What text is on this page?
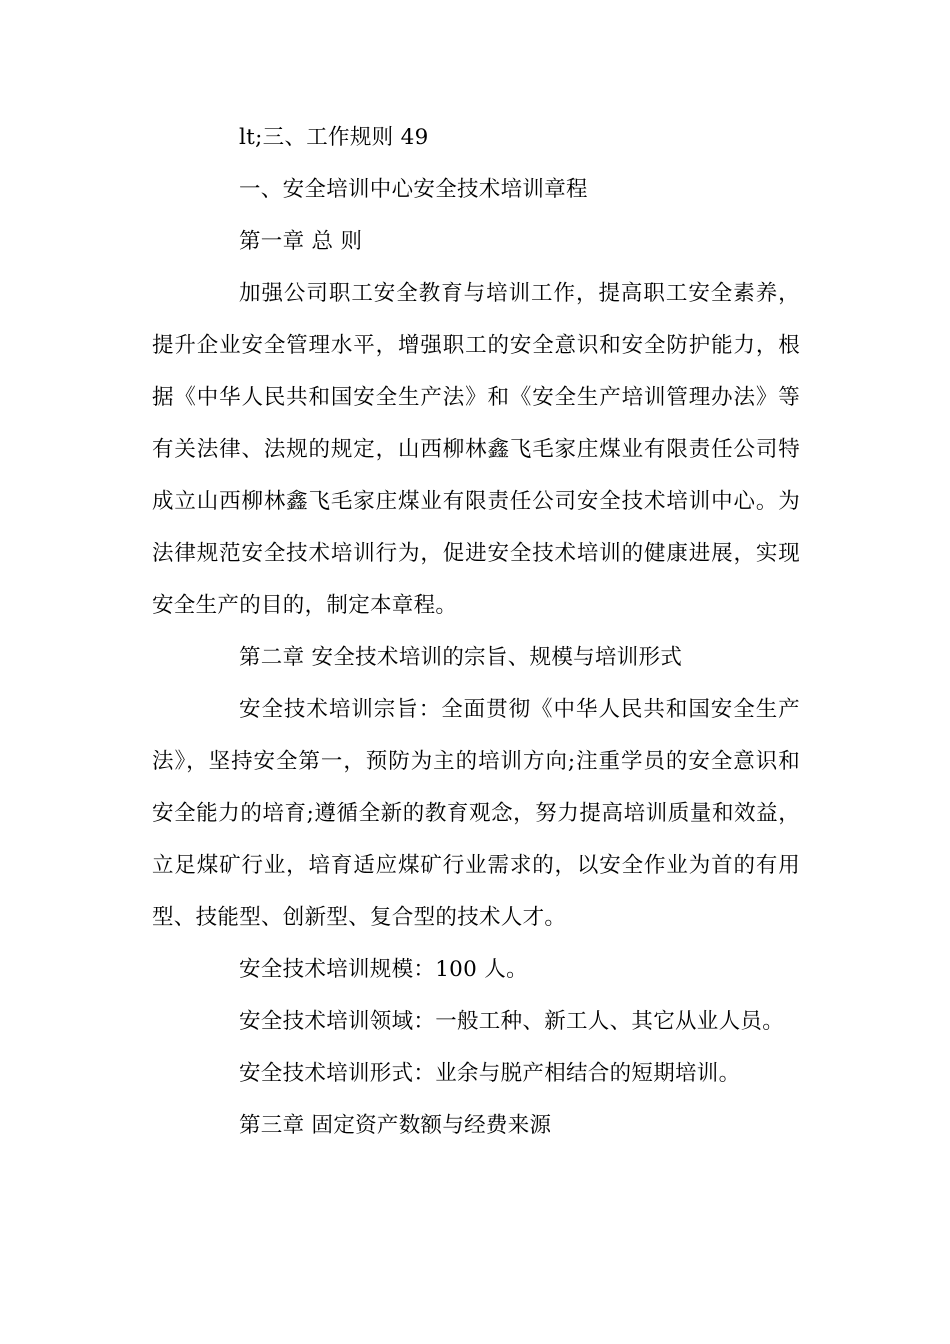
lt;三、工作规则 49

一、安全培训中心安全技术培训章程

第一章 总 则

加强公司职工安全教育与培训工作，提高职工安全素养，提升企业安全管理水平，增强职工的安全意识和安全防护能力，根据《中华人民共和国安全生产法》和《安全生产培训管理办法》等有关法律、法规的规定，山西柳林鑫飞毛家庄煤业有限责任公司特成立山西柳林鑫飞毛家庄煤业有限责任公司安全技术培训中心。为法律规范安全技术培训行为，促进安全技术培训的健康进展，实现安全生产的目的，制定本章程。

第二章 安全技术培训的宗旨、规模与培训形式

安全技术培训宗旨：全面贯彻《中华人民共和国安全生产法》，坚持安全第一，预防为主的培训方向;注重学员的安全意识和安全能力的培育;遵循全新的教育观念，努力提高培训质量和效益，立足煤矿行业，培育适应煤矿行业需求的，以安全作业为首的有用型、技能型、创新型、复合型的技术人才。

安全技术培训规模：100 人。

安全技术培训领域：一般工种、新工人、其它从业人员。

安全技术培训形式：业余与脱产相结合的短期培训。

第三章 固定资产数额与经费来源
